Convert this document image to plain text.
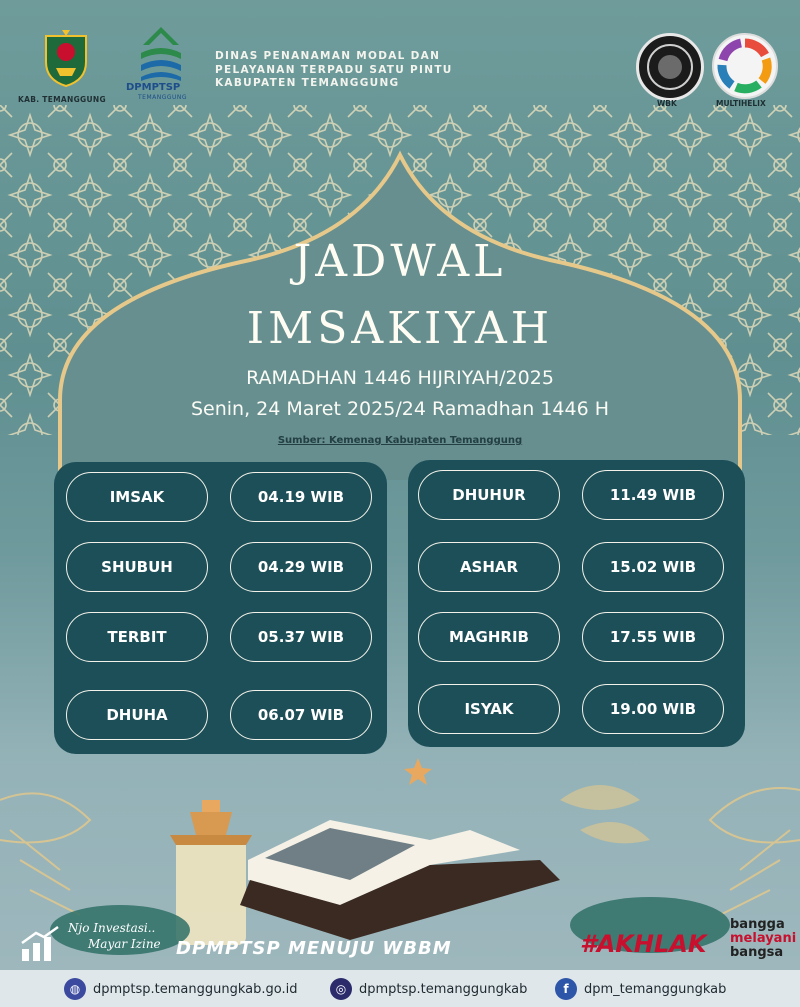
KAB. TEMANGGUNG
DPMPTSP
TEMANGGUNG
DINAS PENANAMAN MODAL DAN
PELAYANAN TERPADU SATU PINTU
KABUPATEN TEMANGGUNG
WBK	MULTIHELIX
JADWAL
IMSAKIYAH
RAMADHAN 1446 HIJRIYAH/2025
Senin, 24 Maret 2025/24 Ramadhan 1446 H
Sumber: Kemenag Kabupaten Temanggung
IMSAK	04.19 WIB
SHUBUH	04.29 WIB
TERBIT	05.37 WIB
DHUHA	06.07 WIB
DHUHUR	11.49 WIB
ASHAR	15.02 WIB
MAGHRIB	17.55 WIB
ISYAK	19.00 WIB
Njo Investasi..
Mayar Izine DPMPTSP MENUJU WBBM	#AKHLAK
bangga
melayani
bangsa
◍ dpmptsp.temanggungkab.go.id	◎ dpmptsp.temanggungkab	f	dpm_temanggungkab
